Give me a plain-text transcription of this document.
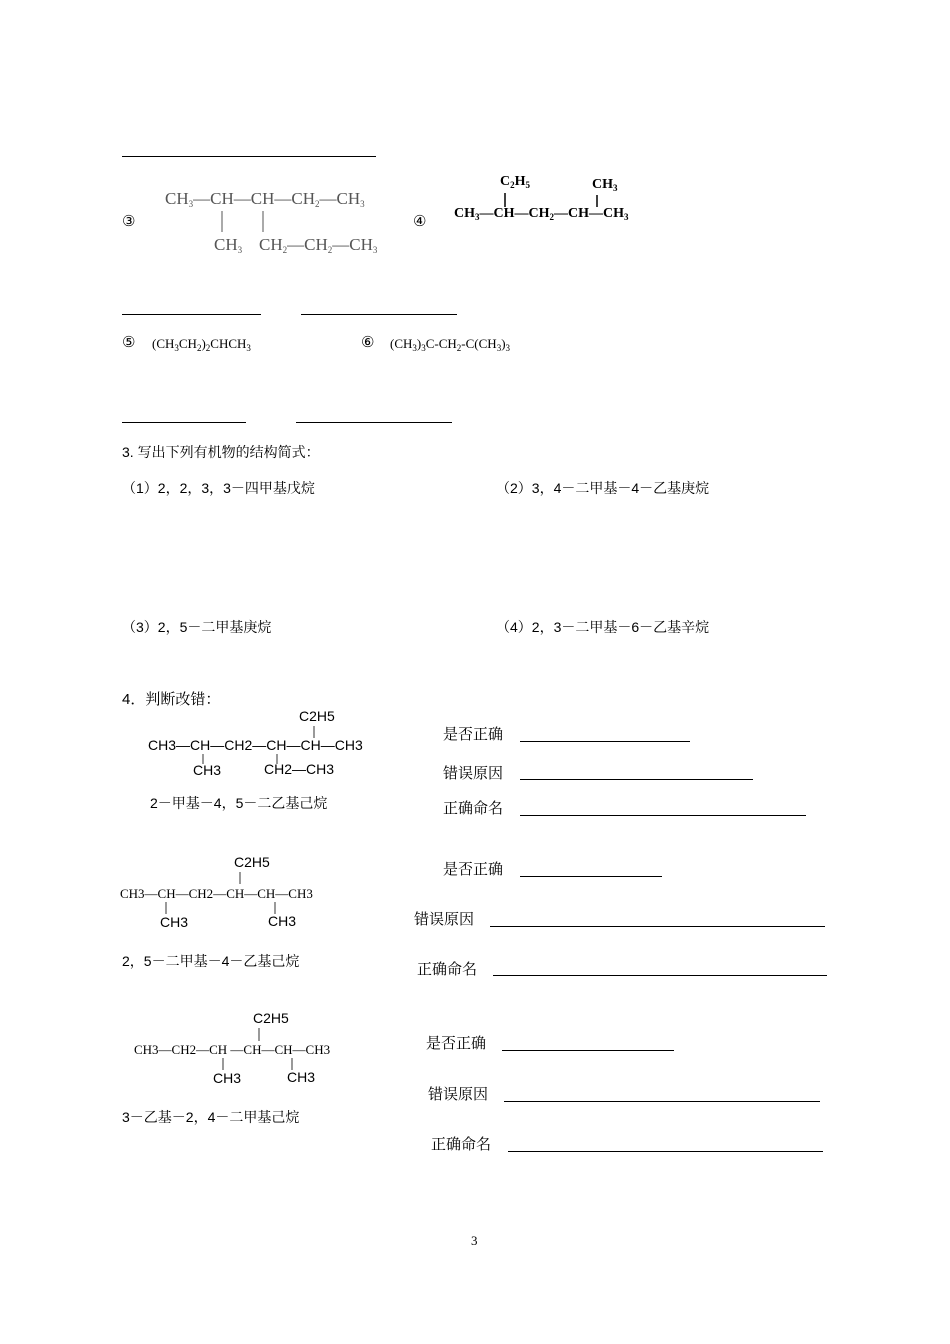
③
$CH_3—CH—CH—CH_2—CH_3$
$CH_3$ $CH_2—CH_2—CH_3$
④
$C_2H_5$	$CH_3$
$CH_3—CH—CH_2—CH—CH_3$
⑤ $(CH_3CH_2)_2CHCH_3$	⑥ $(CH_3)_3C-CH_2-C(CH_3)_3$
3. 写出下列有机物的结构简式：
（1）2，2，3，3－四甲基戊烷	（2）3，4－二甲基－4－乙基庚烷
（3）2，5－二甲基庚烷	（4）2，3－二甲基－6－乙基辛烷
4．判断改错：
C2H5
CH3—CH—CH2—CH—CH—CH3
CH3	CH2—CH3
2－甲基－4，5－二乙基己烷
是否正确
错误原因
正确命名
C2H5
CH3—CH—CH2—CH—CH—CH3
CH3	CH3
2，5－二甲基－4－乙基己烷
是否正确
错误原因
正确命名
C2H5
CH3—CH2—CH —CH—CH—CH3
CH3	CH3
3－乙基－2，4－二甲基己烷
是否正确
错误原因
正确命名
3
